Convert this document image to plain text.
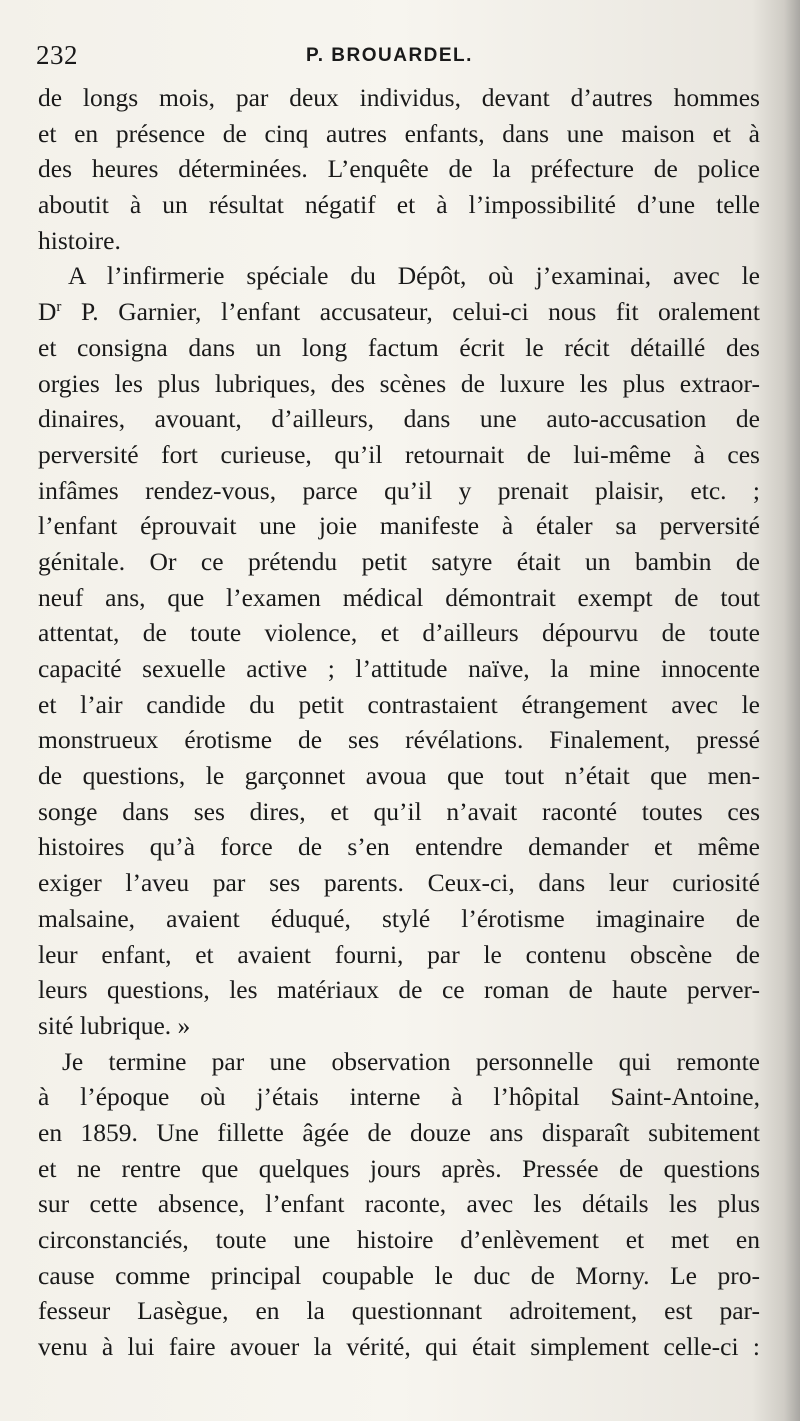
232	P. BROUARDEL.
de longs mois, par deux individus, devant d’autres hommes
et en présence de cinq autres enfants, dans une maison et à
des heures déterminées. L’enquête de la préfecture de police
aboutit à un résultat négatif et à l’impossibilité d’une telle
histoire.
A l’infirmerie spéciale du Dépôt, où j’examinai, avec le
$D^r$ P. Garnier, l’enfant accusateur, celui-ci nous fit oralement
et consigna dans un long factum écrit le récit détaillé des
orgies les plus lubriques, des scènes de luxure les plus extraor-
dinaires, avouant, d’ailleurs, dans une auto-accusation de
perversité fort curieuse, qu’il retournait de lui-même à ces
infâmes rendez-vous, parce qu’il y prenait plaisir, etc. ;
l’enfant éprouvait une joie manifeste à étaler sa perversité
génitale. Or ce prétendu petit satyre était un bambin de
neuf ans, que l’examen médical démontrait exempt de tout
attentat, de toute violence, et d’ailleurs dépourvu de toute
capacité sexuelle active ; l’attitude naïve, la mine innocente
et l’air candide du petit contrastaient étrangement avec le
monstrueux érotisme de ses révélations. Finalement, pressé
de questions, le garçonnet avoua que tout n’était que men-
songe dans ses dires, et qu’il n’avait raconté toutes ces
histoires qu’à force de s’en entendre demander et même
exiger l’aveu par ses parents. Ceux-ci, dans leur curiosité
malsaine, avaient éduqué, stylé l’érotisme imaginaire de
leur enfant, et avaient fourni, par le contenu obscène de
leurs questions, les matériaux de ce roman de haute perver-
sité lubrique. »
Je termine par une observation personnelle qui remonte
à l’époque où j’étais interne à l’hôpital Saint-Antoine,
en 1859. Une fillette âgée de douze ans disparaît subitement
et ne rentre que quelques jours après. Pressée de questions
sur cette absence, l’enfant raconte, avec les détails les plus
circonstanciés, toute une histoire d’enlèvement et met en
cause comme principal coupable le duc de Morny. Le pro-
fesseur Lasègue, en la questionnant adroitement, est par-
venu à lui faire avouer la vérité, qui était simplement celle-ci :
